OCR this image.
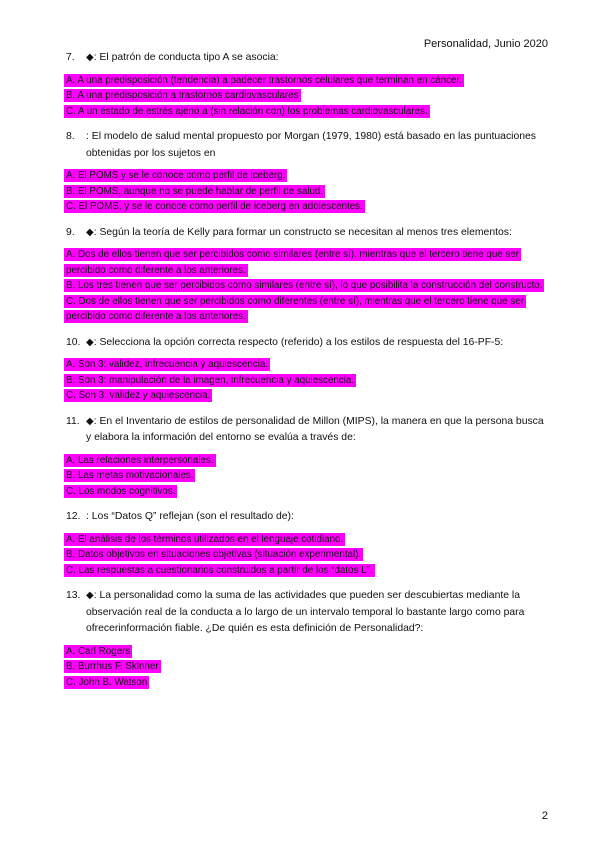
Personalidad, Junio 2020
7.	◆: El patrón de conducta tipo A se asocia:
A. A una predisposición (tendencia) a padecer trastornos celulares que terminan en cáncer.
B. A una predisposición a trastornos cardiovasculares
C. A un estado de estrés ajeno a (sin relación con) los problemas cardiovasculares.
8.	: El modelo de salud mental propuesto por Morgan (1979, 1980) está basado en las puntuaciones obtenidas por los sujetos en
A. El POMS y se le conoce como perfil de iceberg.
B. El POMS, aunque no se puede hablar de perfil de salud.
C. El POMS, y se le conoce como perfil de iceberg en adolescentes.
9.	◆: Según la teoría de Kelly para formar un constructo se necesitan al menos tres elementos:
A. Dos de ellos tienen que ser percibidos como similares (entre sí), mientras que el tercero tiene que ser percibido como diferente a los anteriores.
B. Los tres tienen que ser percibidos como similares (entre sí), lo que posibilita la construcción del constructo.
C. Dos de ellos tienen que ser percibidos como diferentes (entre sí), mientras que el tercero tiene que ser percibido como diferente a los anteriores.
10. ◆: Selecciona la opción correcta respecto (referido) a los estilos de respuesta del 16-PF-5:
A. Son 3: validez, infrecuencia y aquiescencia.
B. Son 3: manipulación de la imagen, infrecuencia y aquiescencia.
C. Son 3: validez y aquiescencia.
11. ◆: En el Inventario de estilos de personalidad de Millon (MIPS), la manera en que la persona busca y elabora la información del entorno se evalúa a través de:
A. Las relaciones interpersonales.
B. Las metas motivacionales.
C. Los modos cognitivos.
12. : Los “Datos Q” reflejan (son el resultado de):
A. El análisis de los términos utilizados en el lenguaje cotidiano.
B. Datos objetivos en situaciones objetivas (situación experimental).
C. Las respuestas a cuestionarios construidos a partir de los “datos L”.
13. ◆: La personalidad como la suma de las actividades que pueden ser descubiertas mediante la observación real de la conducta a lo largo de un intervalo temporal lo bastante largo como para ofrecerinformación fiable. ¿De quién es esta definición de Personalidad?:
A. Carl Rogers
B. Burrhus F. Skinner
C. John B. Watson
2
